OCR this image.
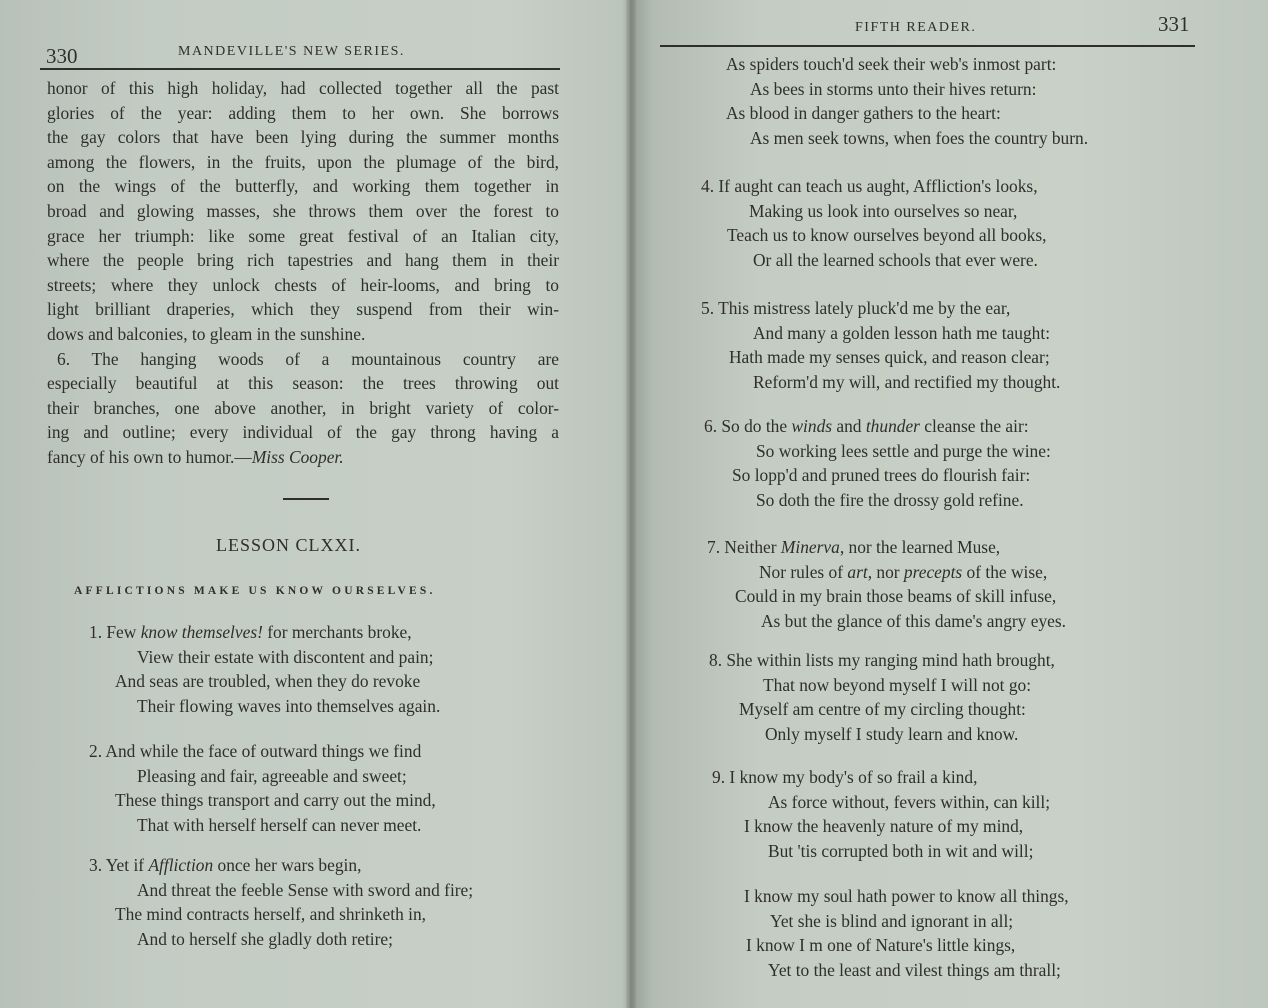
330	MANDEVILLE'S NEW SERIES.
honor of this high holiday, had collected together all the past
glories of the year: adding them to her own. She borrows
the gay colors that have been lying during the summer months
among the flowers, in the fruits, upon the plumage of the bird,
on the wings of the butterfly, and working them together in
broad and glowing masses, she throws them over the forest to
grace her triumph: like some great festival of an Italian city,
where the people bring rich tapestries and hang them in their
streets; where they unlock chests of heir-looms, and bring to
light brilliant draperies, which they suspend from their win-
dows and balconies, to gleam in the sunshine.
6. The hanging woods of a mountainous country are
especially beautiful at this season: the trees throwing out
their branches, one above another, in bright variety of color-
ing and outline; every individual of the gay throng having a
fancy of his own to humor.—Miss Cooper.
LESSON CLXXI.
AFFLICTIONS MAKE US KNOW OURSELVES.
1. Few know themselves! for merchants broke,
View their estate with discontent and pain;
And seas are troubled, when they do revoke
Their flowing waves into themselves again.
2. And while the face of outward things we find
Pleasing and fair, agreeable and sweet;
These things transport and carry out the mind,
That with herself herself can never meet.
3. Yet if Affliction once her wars begin,
And threat the feeble Sense with sword and fire;
The mind contracts herself, and shrinketh in,
And to herself she gladly doth retire;
FIFTH READER.	331
As spiders touch'd seek their web's inmost part:
As bees in storms unto their hives return:
As blood in danger gathers to the heart:
As men seek towns, when foes the country burn.
4. If aught can teach us aught, Affliction's looks,
Making us look into ourselves so near,
Teach us to know ourselves beyond all books,
Or all the learned schools that ever were.
5. This mistress lately pluck'd me by the ear,
And many a golden lesson hath me taught:
Hath made my senses quick, and reason clear;
Reform'd my will, and rectified my thought.
6. So do the winds and thunder cleanse the air:
So working lees settle and purge the wine:
So lopp'd and pruned trees do flourish fair:
So doth the fire the drossy gold refine.
7. Neither Minerva, nor the learned Muse,
Nor rules of art, nor precepts of the wise,
Could in my brain those beams of skill infuse,
As but the glance of this dame's angry eyes.
8. She within lists my ranging mind hath brought,
That now beyond myself I will not go:
Myself am centre of my circling thought:
Only myself I study learn and know.
9. I know my body's of so frail a kind,
As force without, fevers within, can kill;
I know the heavenly nature of my mind,
But 'tis corrupted both in wit and will;
I know my soul hath power to know all things,
Yet she is blind and ignorant in all;
I know I m one of Nature's little kings,
Yet to the least and vilest things am thrall;
